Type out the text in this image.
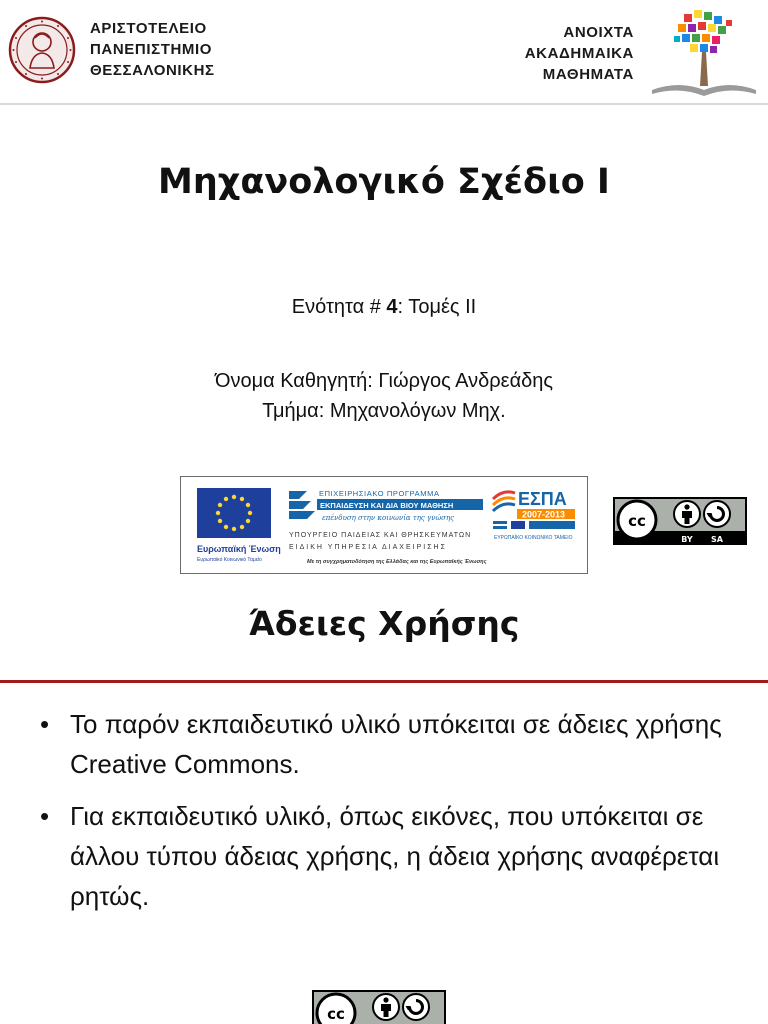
ΑΡΙΣΤΟΤΕΛΕΙΟ
ΠΑΝΕΠΙΣΤΗΜΙΟ
ΘΕΣΣΑΛΟΝΙΚΗΣ
ΑΝΟΙΧΤΑ
ΑΚΑΔΗΜΑΙΚΑ
ΜΑΘΗΜΑΤΑ
Μηχανολογικό Σχέδιο Ι
Ενότητα # 4: Τομές ΙΙ
Όνομα Καθηγητή: Γιώργος Ανδρεάδης
Τμήμα: Μηχανολόγων Μηχ.
Ευρωπαϊκή Ένωση
Ευρωπαϊκό Κοινωνικό Ταμείο
ΕΠΙΧΕΙΡΗΣΙΑΚΟ ΠΡΟΓΡΑΜΜΑ
ΕΚΠΑΙΔΕΥΣΗ ΚΑΙ ΔΙΑ ΒΙΟΥ ΜΑΘΗΣΗ
επένδυση στην κοινωνία της γνώσης
ΥΠΟΥΡΓΕΙΟ ΠΑΙΔΕΙΑΣ ΚΑΙ ΘΡΗΣΚΕΥΜΑΤΩΝ
ΕΙΔΙΚΗ ΥΠΗΡΕΣΙΑ ΔΙΑΧΕΙΡΙΣΗΣ
ΕΣΠΑ
2007-2013
ΕΥΡΩΠΑΪΚΟ ΚΟΙΝΩΝΙΚΟ ΤΑΜΕΙΟ
Με τη συγχρηματοδότηση της Ελλάδας και της Ευρωπαϊκής Ένωσης
cc
BY SA
Άδειες Χρήσης
• Το παρόν εκπαιδευτικό υλικό υπόκειται σε άδειες χρήσης Creative Commons.
• Για εκπαιδευτικό υλικό, όπως εικόνες, που υπόκειται σε άλλου τύπου άδειας χρήσης, η άδεια χρήσης αναφέρεται ρητώς.
cc
